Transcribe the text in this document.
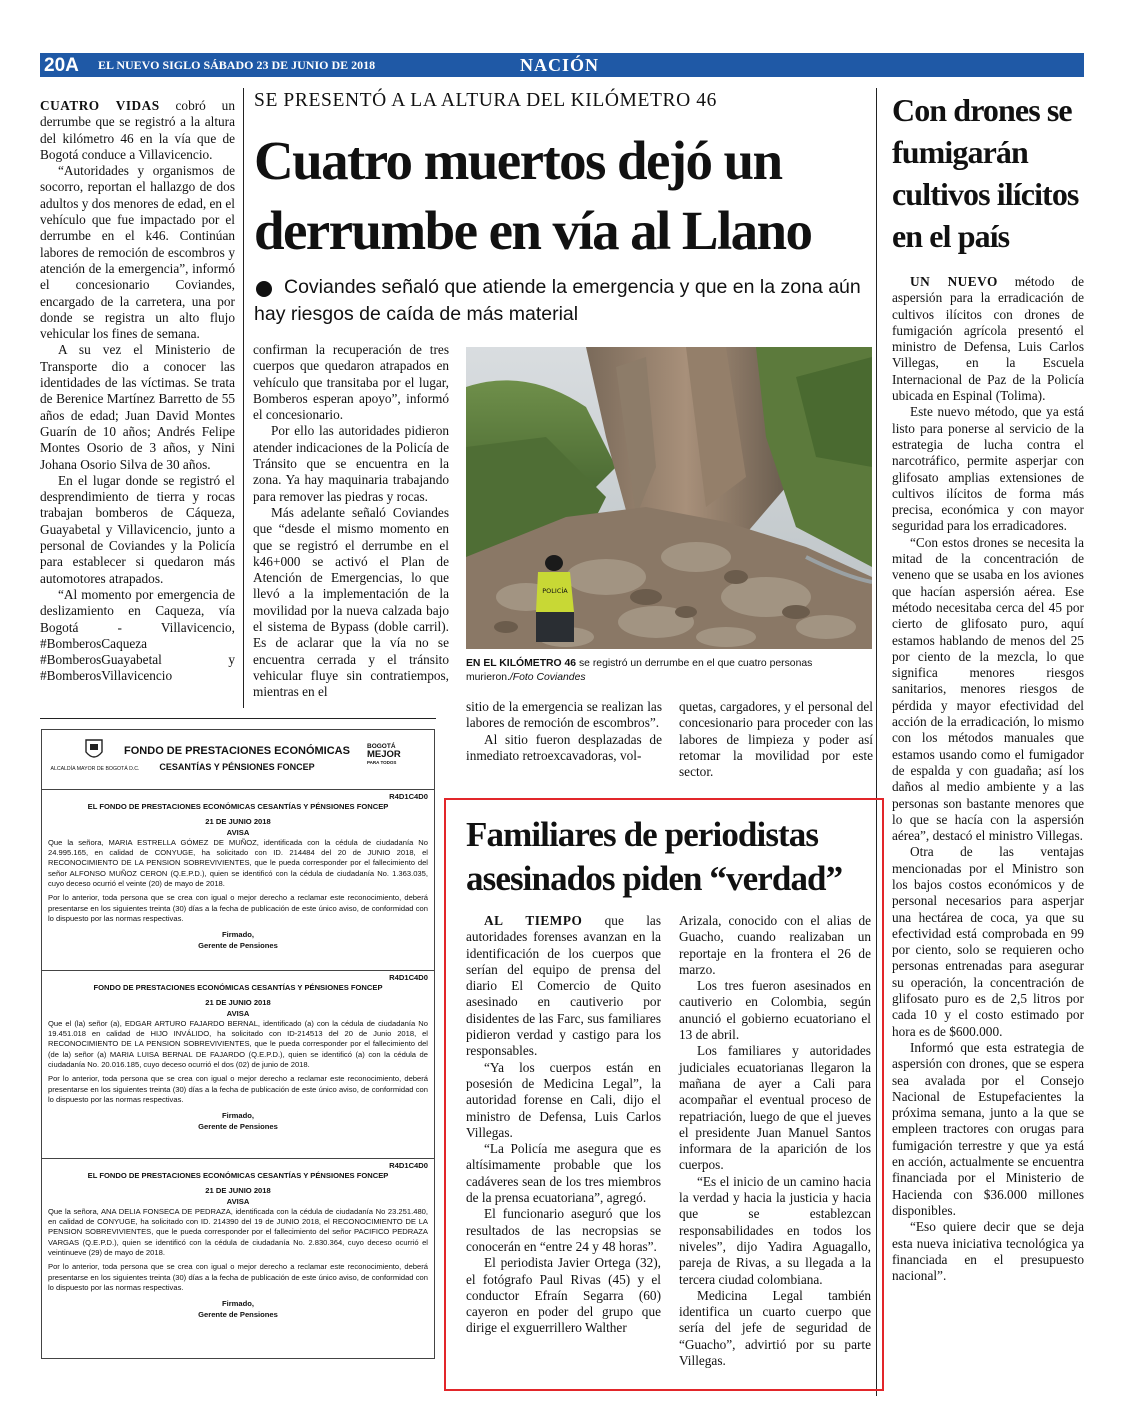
20A EL NUEVO SIGLO SÁBADO 23 DE JUNIO DE 2018	NACIÓN
SE PRESENTÓ A LA ALTURA DEL KILÓMETRO 46
Cuatro muertos dejó un derrumbe en vía al Llano
Coviandes señaló que atiende la emergencia y que en la zona aún hay riesgos de caída de más material

CUATRO VIDAS cobró un derrumbe que se registró a la altura del kilómetro 46 en la vía que de Bogotá conduce a Villavicencio.

“Autoridades y organismos de socorro, reportan el hallazgo de dos adultos y dos menores de edad, en el vehículo que fue impactado por el derrumbe en el k46. Continúan labores de remoción de escombros y atención de la emergencia”, informó el concesionario Coviandes, encargado de la carretera, una por donde se registra un alto flujo vehicular los fines de semana.

A su vez el Ministerio de Transporte dio a conocer las identidades de las víctimas. Se trata de Berenice Martínez Barretto de 55 años de edad; Juan David Montes Guarín de 10 años; Andrés Felipe Montes Osorio de 3 años, y Nini Johana Osorio Silva de 30 años.

En el lugar donde se registró el desprendimiento de tierra y rocas trabajan bomberos de Cáqueza, Guayabetal y Villavicencio, junto a personal de Coviandes y la Policía para establecer si quedaron más automotores atrapados.

“Al momento por emergencia de deslizamiento en Caqueza, vía Bogotá - Villavicencio, #BomberosCaqueza #BomberosGuayabetal y #BomberosVillavicencio

confirman la recuperación de tres cuerpos que quedaron atrapados en vehículo que transitaba por el lugar, Bomberos esperan apoyo”, informó el concesionario.

Por ello las autoridades pidieron atender indicaciones de la Policía de Tránsito que se encuentra en la zona. Ya hay maquinaria trabajando para remover las piedras y rocas.

Más adelante señaló Coviandes que “desde el mismo momento en que se registró el derrumbe en el k46+000 se activó el Plan de Atención de Emergencias, lo que llevó a la implementación de la movilidad por la nueva calzada bajo el sistema de Bypass (doble carril). Es de aclarar que la vía no se encuentra cerrada y el tránsito vehicular fluye sin contratiempos, mientras en el

POLICÍA
EN EL KILÓMETRO 46 se registró un derrumbe en el que cuatro personas murieron./Foto Coviandes

sitio de la emergencia se realizan las labores de remoción de escombros”.

Al sitio fueron desplazadas de inmediato retroexcavadoras, vol-

quetas, cargadores, y el personal del concesionario para proceder con las labores de limpieza y poder así retomar la movilidad por este sector.

Con drones se fumigarán cultivos ilícitos en el país

UN NUEVO método de aspersión para la erradicación de cultivos ilícitos con drones de fumigación agrícola presentó el ministro de Defensa, Luis Carlos Villegas, en la Escuela Internacional de Paz de la Policía ubicada en Espinal (Tolima).

Este nuevo método, que ya está listo para ponerse al servicio de la estrategia de lucha contra el narcotráfico, permite asperjar con glifosato amplias extensiones de cultivos ilícitos de forma más precisa, económica y con mayor seguridad para los erradicadores.

“Con estos drones se necesita la mitad de la concentración de veneno que se usaba en los aviones que hacían aspersión aérea. Ese método necesitaba cerca del 45 por cierto de glifosato puro, aquí estamos hablando de menos del 25 por ciento de la mezcla, lo que significa menores riesgos sanitarios, menores riesgos de pérdida y mayor efectividad del acción de la erradicación, lo mismo con los métodos manuales que estamos usando como el fumigador de espalda y con guadaña; así los daños al medio ambiente y a las personas son bastante menores que lo que se hacía con la aspersión aérea”, destacó el ministro Villegas.

Otra de las ventajas mencionadas por el Ministro son los bajos costos económicos y de personal necesarios para asperjar una hectárea de coca, ya que su efectividad está comprobada en 99 por ciento, solo se requieren ocho personas entrenadas para asegurar su operación, la concentración de glifosato puro es de 2,5 litros por cada 10 y el costo estimado por hora es de $600.000.

Informó que esta estrategia de aspersión con drones, que se espera sea avalada por el Consejo Nacional de Estupefacientes la próxima semana, junto a la que se empleen tractores con orugas para fumigación terrestre y que ya está en acción, actualmente se encuentra financiada por el Ministerio de Hacienda con $36.000 millones disponibles.

“Eso quiere decir que se deja esta nueva iniciativa tecnológica ya financiada en el presupuesto nacional”.

Familiares de periodistas asesinados piden “verdad”

AL TIEMPO que las autoridades forenses avanzan en la identificación de los cuerpos que serían del equipo de prensa del diario El Comercio de Quito asesinado en cautiverio por disidentes de las Farc, sus familiares pidieron verdad y castigo para los responsables.

“Ya los cuerpos están en posesión de Medicina Legal”, la autoridad forense en Cali, dijo el ministro de Defensa, Luis Carlos Villegas.

“La Policía me asegura que es altísimamente probable que los cadáveres sean de los tres miembros de la prensa ecuatoriana”, agregó.

El funcionario aseguró que los resultados de las necropsias se conocerán en “entre 24 y 48 horas”.

El periodista Javier Ortega (32), el fotógrafo Paul Rivas (45) y el conductor Efraín Segarra (60) cayeron en poder del grupo que dirige el exguerrillero Walther

Arizala, conocido con el alias de Guacho, cuando realizaban un reportaje en la frontera el 26 de marzo.

Los tres fueron asesinados en cautiverio en Colombia, según anunció el gobierno ecuatoriano el 13 de abril.

Los familiares y autoridades judiciales ecuatorianas llegaron la mañana de ayer a Cali para acompañar el eventual proceso de repatriación, luego de que el jueves el presidente Juan Manuel Santos informara de la aparición de los cuerpos.

“Es el inicio de un camino hacia la verdad y hacia la justicia y hacia que se establezcan responsabilidades en todos los niveles”, dijo Yadira Aguagallo, pareja de Rivas, a su llegada a la tercera ciudad colombiana.

Medicina Legal también identifica un cuarto cuerpo que sería del jefe de seguridad de “Guacho”, advirtió por su parte Villegas.

ALCALDÍA MAYOR DE BOGOTÁ D.C.
FONDO DE PRESTACIONES ECONÓMICAS
CESANTÍAS Y PÉNSIONES FONCEP
BOGOTÁ
MEJOR
PARA TODOS
R4D1C4D0
EL FONDO DE PRESTACIONES ECONÓMICAS CESANTÍAS Y PÉNSIONES FONCEP
21 DE JUNIO 2018
AVISA

Que la señora, MARIA ESTRELLA GÓMEZ DE MUÑOZ, identificada con la cédula de ciudadanía No 24.995.165, en calidad de CONYUGE, ha solicitado con ID. 214484 del 20 de JUNIO 2018, el RECONOCIMIENTO DE LA PENSION SOBREVIVIENTES, que le pueda corresponder por el fallecimiento del señor ALFONSO MUÑOZ CERON (Q.E.P.D.), quien se identificó con la cédula de ciudadanía No. 1.363.035, cuyo deceso ocurrió el veinte (20) de mayo de 2018.

Por lo anterior, toda persona que se crea con igual o mejor derecho a reclamar este reconocimiento, deberá presentarse en los siguientes treinta (30) días a la fecha de publicación de este único aviso, de conformidad con lo dispuesto por las normas respectivas.

Firmado,
Gerente de Pensiones
R4D1C4D0
FONDO DE PRESTACIONES ECONÓMICAS CESANTÍAS Y PÉNSIONES FONCEP
21 DE JUNIO 2018
AVISA

Que el (la) señor (a), EDGAR ARTURO FAJARDO BERNAL, identificado (a) con la cédula de ciudadanía No 19.451.018 en calidad de HIJO INVÁLIDO, ha solicitado con ID-214513 del 20 de Junio 2018, el RECONOCIMIENTO DE LA PENSION SOBREVIVIENTES, que le pueda corresponder por el fallecimiento del (de la) señor (a) MARIA LUISA BERNAL DE FAJARDO (Q.E.P.D.), quien se identificó (a) con la cédula de ciudadanía No. 20.016.185, cuyo deceso ocurrió el dos (02) de junio de 2018.

Por lo anterior, toda persona que se crea con igual o mejor derecho a reclamar este reconocimiento, deberá presentarse en los siguientes treinta (30) días a la fecha de publicación de este único aviso, de conformidad con lo dispuesto por las normas respectivas.

Firmado,
Gerente de Pensiones
R4D1C4D0
EL FONDO DE PRESTACIONES ECONÓMICAS CESANTÍAS Y PÉNSIONES FONCEP
21 DE JUNIO 2018
AVISA

Que la señora, ANA DELIA FONSECA DE PEDRAZA, identificada con la cédula de ciudadanía No 23.251.480, en calidad de CONYUGE, ha solicitado con ID. 214390 del 19 de JUNIO 2018, el RECONOCIMIENTO DE LA PENSION SOBREVIVIENTES, que le pueda corresponder por el fallecimiento del señor PACIFICO PEDRAZA VARGAS (Q.E.P.D.), quien se identificó con la cédula de ciudadanía No. 2.830.364, cuyo deceso ocurrió el veintinueve (29) de mayo de 2018.

Por lo anterior, toda persona que se crea con igual o mejor derecho a reclamar este reconocimiento, deberá presentarse en los siguientes treinta (30) días a la fecha de publicación de este único aviso, de conformidad con lo dispuesto por las normas respectivas.

Firmado,
Gerente de Pensiones
